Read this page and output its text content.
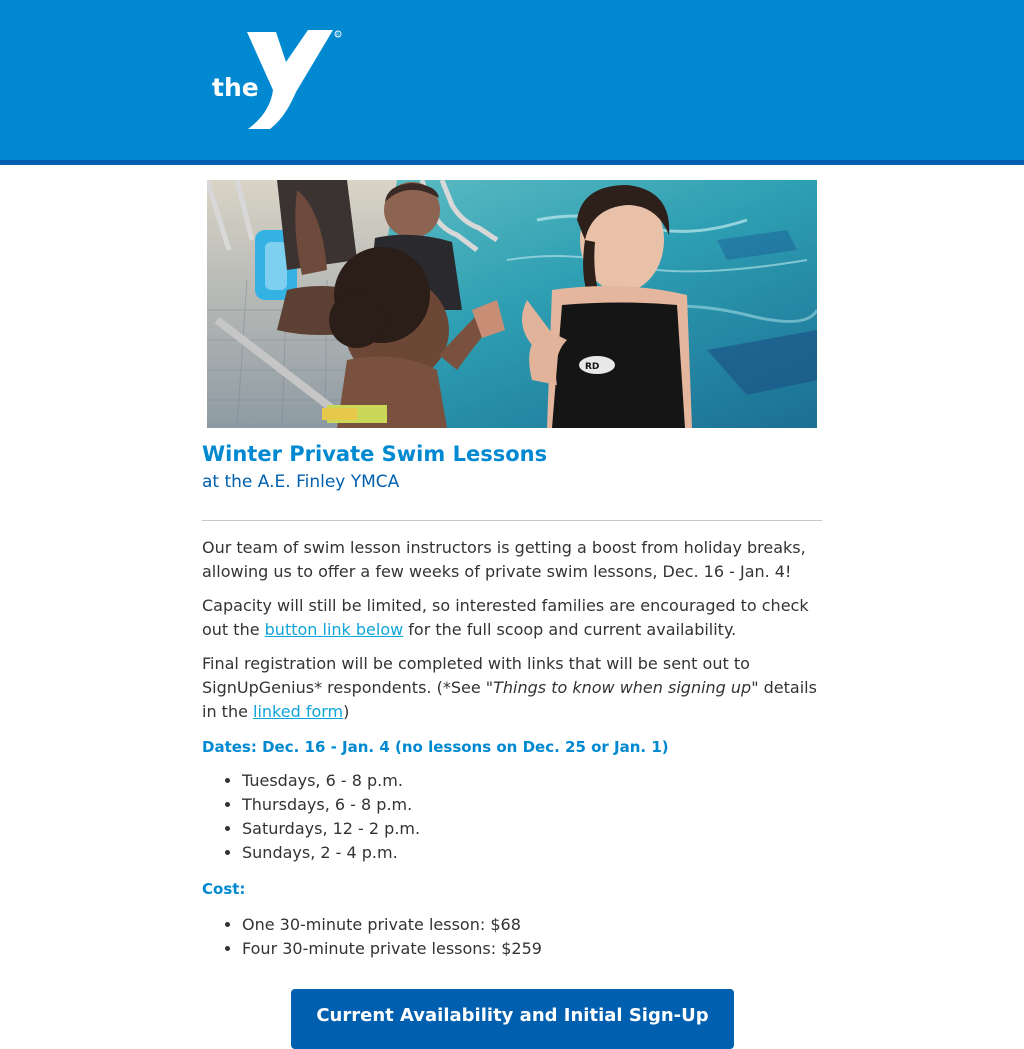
the
YMCA
R
RD
Winter Private Swim Lessons
at the A.E. Finley YMCA

Our team of swim lesson instructors is getting a boost from holiday breaks, allowing us to offer a few weeks of private swim lessons, Dec. 16 - Jan. 4!

Capacity will still be limited, so interested families are encouraged to check out the button link below for the full scoop and current availability.

Final registration will be completed with links that will be sent out to SignUpGenius* respondents. (*See "Things to know when signing up" details in the linked form)

Dates: Dec. 16 - Jan. 4 (no lessons on Dec. 25 or Jan. 1)
• Tuesdays, 6 - 8 p.m.
• Thursdays, 6 - 8 p.m.
• Saturdays, 12 - 2 p.m.
• Sundays, 2 - 4 p.m.
Cost:
• One 30-minute private lesson: $68
• Four 30-minute private lessons: $259
Current Availability and Initial Sign-Up
